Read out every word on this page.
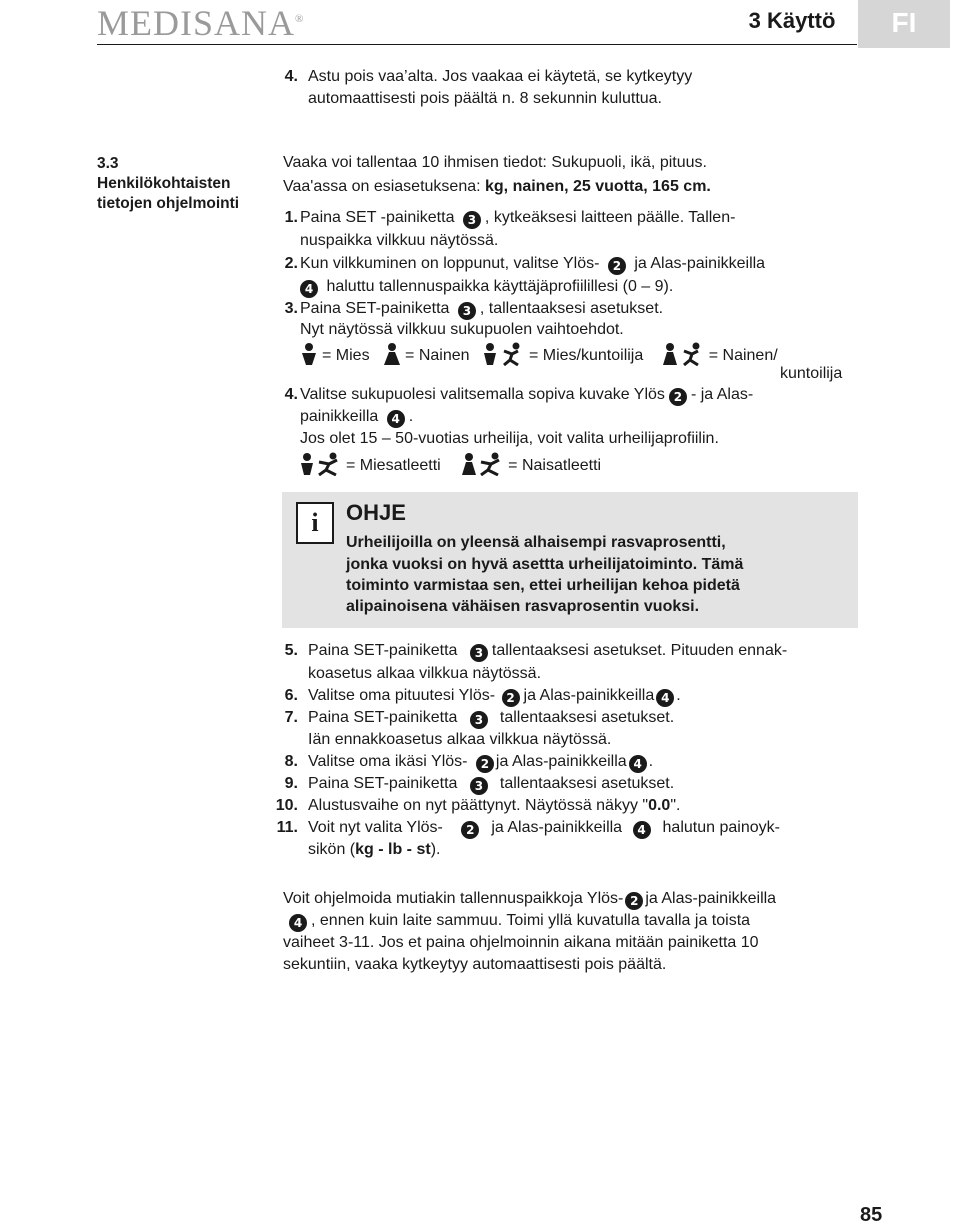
MEDISANA®	3 Käyttö	FI
4. Astu pois vaa’alta. Jos vaakaa ei käytetä, se kytkeytyy
automaattisesti pois päältä n. 8 sekunnin kuluttua.
3.3
Henkilökohtaisten
tietojen ohjelmointi
Vaaka voi tallentaa 10 ihmisen tiedot: Sukupuoli, ikä, pituus.
Vaa'assa on esiasetuksena: kg, nainen, 25 vuotta, 165 cm.
1. Paina SET -painiketta 3 , kytkeäksesi laitteen päälle. Tallen-
nuspaikka vilkkuu näytössä.
2. Kun vilkkuminen on loppunut, valitse Ylös- 2 ja Alas-painikkeilla
4 haluttu tallennuspaikka käyttäjäprofiilillesi (0 – 9).
3. Paina SET-painiketta 3 , tallentaaksesi asetukset.
Nyt näytössä vilkkuu sukupuolen vaihtoehdot.
= Mies = Nainen	= Mies/kuntoilija	= Nainen/
kuntoilija
4. Valitse sukupuolesi valitsemalla sopiva kuvake Ylös 2 - ja Alas-
painikkeilla 4 .
Jos olet 15 – 50-vuotias urheilija, voit valita urheilijaprofiilin.
= Miesatleetti	= Naisatleetti
i	OHJE
Urheilijoilla on yleensä alhaisempi rasvaprosentti,
jonka vuoksi on hyvä asettta urheilijatoiminto. Tämä
toiminto varmistaa sen, ettei urheilijan kehoa pidetä
alipainoisena vähäisen rasvaprosentin vuoksi.
5. Paina SET-painiketta 3 tallentaaksesi asetukset. Pituuden ennak-
koasetus alkaa vilkkua näytössä.
6. Valitse oma pituutesi Ylös- 2 ja Alas-painikkeilla 4 .
7. Paina SET-painiketta 3 tallentaaksesi asetukset.
Iän ennakkoasetus alkaa vilkkua näytössä.
8. Valitse oma ikäsi Ylös- 2 ja Alas-painikkeilla 4 .
9. Paina SET-painiketta 3 tallentaaksesi asetukset.
10. Alustusvaihe on nyt päättynyt. Näytössä näkyy "0.0".
11. Voit nyt valita Ylös- 2 ja Alas-painikkeilla 4 halutun painoyk-
sikön (kg - lb - st).
Voit ohjelmoida mutiakin tallennuspaikkoja Ylös- 2 ja Alas-painikkeilla
4 , ennen kuin laite sammuu. Toimi yllä kuvatulla tavalla ja toista
vaiheet 3-11. Jos et paina ohjelmoinnin aikana mitään painiketta 10
sekuntiin, vaaka kytkeytyy automaattisesti pois päältä.
85
